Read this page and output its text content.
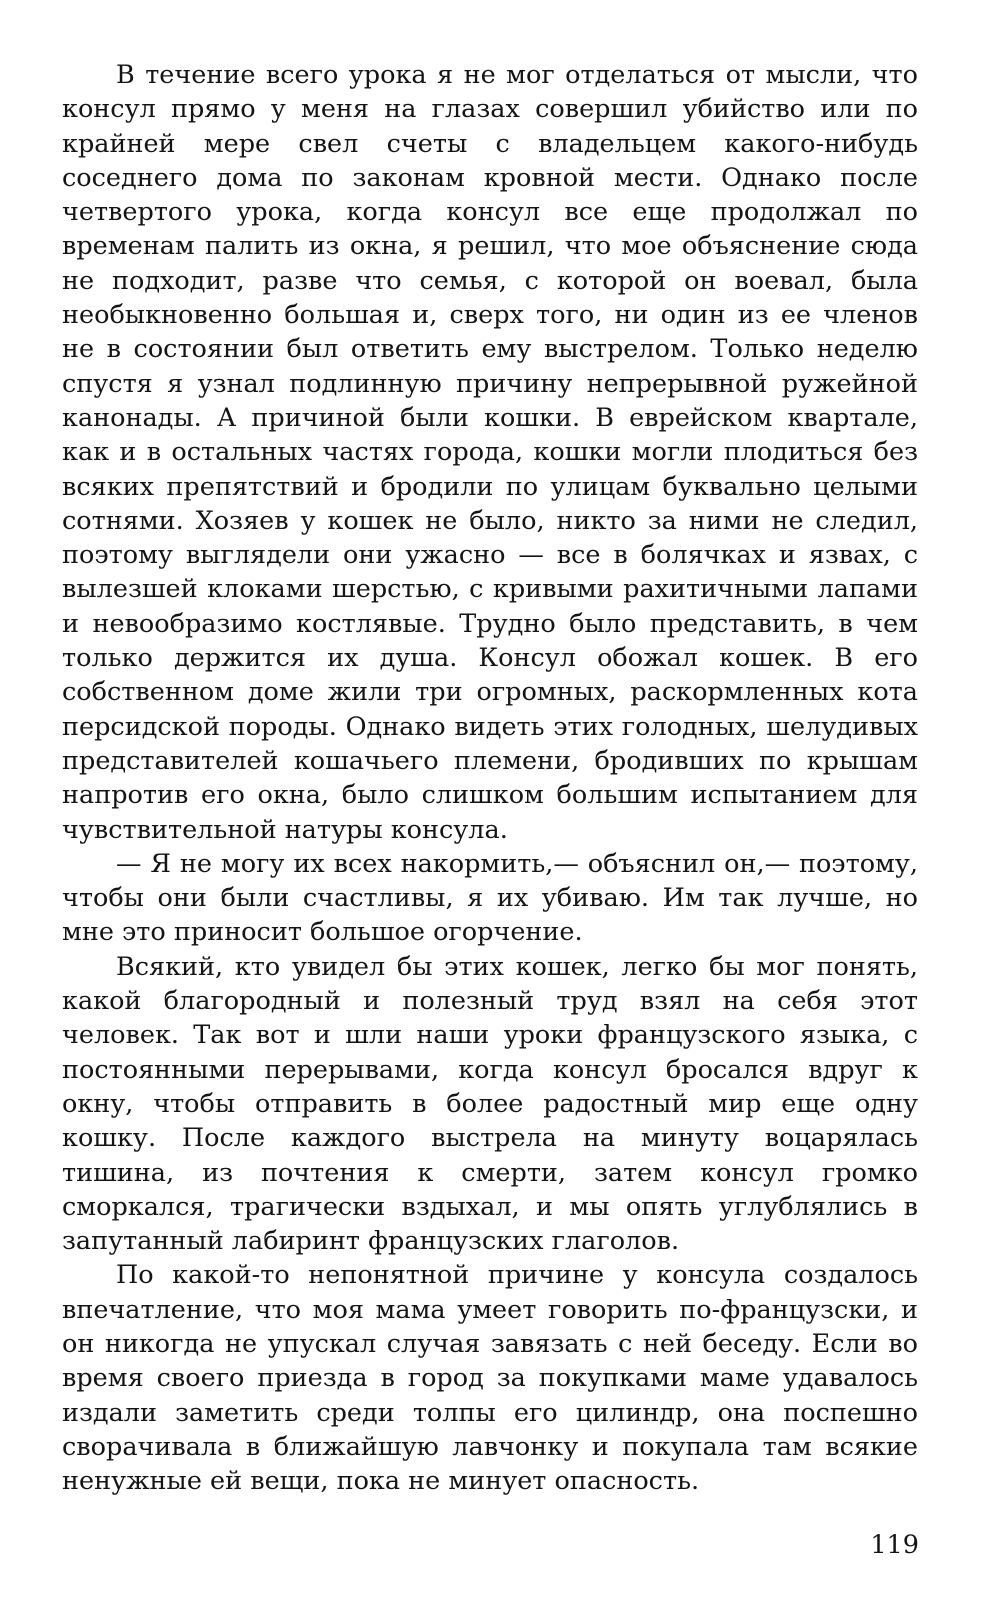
В течение всего урока я не мог отделаться от мысли, что консул прямо у меня на глазах совершил убийство или по крайней мере свел счеты с владельцем какого-нибудь соседнего дома по законам кровной мести. Однако после четвертого урока, когда консул все еще продолжал по временам палить из окна, я решил, что мое объяснение сюда не подходит, разве что семья, с которой он воевал, была необыкновенно большая и, сверх того, ни один из ее членов не в состоянии был ответить ему выстрелом. Только неделю спустя я узнал подлинную причину непрерывной ружейной канонады. А причиной были кошки. В еврейском квартале, как и в остальных частях города, кошки могли плодиться без всяких препятствий и бродили по улицам буквально целыми сотнями. Хозяев у кошек не было, никто за ними не следил, поэтому выглядели они ужасно — все в болячках и язвах, с вылезшей клоками шерстью, с кривыми рахитичными лапами и невообразимо костлявые. Трудно было представить, в чем только держится их душа. Консул обожал кошек. В его собственном доме жили три огромных, раскормленных кота персидской породы. Однако видеть этих голодных, шелудивых представителей кошачьего племени, бродивших по крышам напротив его окна, было слишком большим испытанием для чувствительной натуры консула.

— Я не могу их всех накормить,— объяснил он,— поэтому, чтобы они были счастливы, я их убиваю. Им так лучше, но мне это приносит большое огорчение.

Всякий, кто увидел бы этих кошек, легко бы мог понять, какой благородный и полезный труд взял на себя этот человек. Так вот и шли наши уроки французского языка, с постоянными перерывами, когда консул бросался вдруг к окну, чтобы отправить в более радостный мир еще одну кошку. После каждого выстрела на минуту воцарялась тишина, из почтения к смерти, затем консул громко сморкался, трагически вздыхал, и мы опять углублялись в запутанный лабиринт французских глаголов.

По какой-то непонятной причине у консула создалось впечатление, что моя мама умеет говорить по-французски, и он никогда не упускал случая завязать с ней беседу. Если во время своего приезда в город за покупками маме удавалось издали заметить среди толпы его цилиндр, она поспешно сворачивала в ближайшую лавчонку и покупала там всякие ненужные ей вещи, пока не минует опасность.

119
